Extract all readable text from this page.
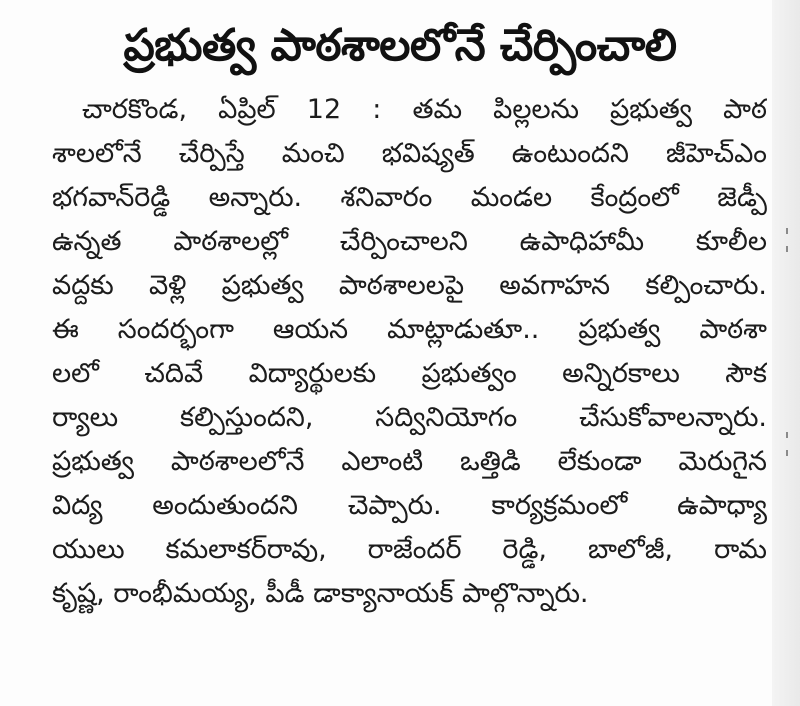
ప్రభుత్వ పాఠశాలలోనే చేర్పించాలి
చారకొండ, ఏప్రిల్ 12 : తమ పిల్లలను ప్రభుత్వ పాఠ
శాలలోనే చేర్పిస్తే మంచి భవిష్యత్ ఉంటుందని జీహెచ్ఎం
భగవాన్‌రెడ్డి అన్నారు. శనివారం మండల కేంద్రంలో జెడ్పీ
ఉన్నత పాఠశాలల్లో చేర్పించాలని ఉపాధిహామీ కూలీల
వద్దకు వెళ్లి ప్రభుత్వ పాఠశాలలపై అవగాహన కల్పించారు.
ఈ సందర్భంగా ఆయన మాట్లాడుతూ.. ప్రభుత్వ పాఠశా
లలో చదివే విద్యార్థులకు ప్రభుత్వం అన్నిరకాలు సౌక
ర్యాలు కల్పిస్తుందని, సద్వినియోగం చేసుకోవాలన్నారు.
ప్రభుత్వ పాఠశాలలోనే ఎలాంటి ఒత్తిడి లేకుండా మెరుగైన
విద్య అందుతుందని చెప్పారు. కార్యక్రమంలో ఉపాధ్యా
యులు కమలాకర్‌రావు, రాజేందర్ రెడ్డి, బాలోజీ, రామ
కృష్ణ, రాంభీమయ్య, పీడీ డాక్యానాయక్ పాల్గొన్నారు.
